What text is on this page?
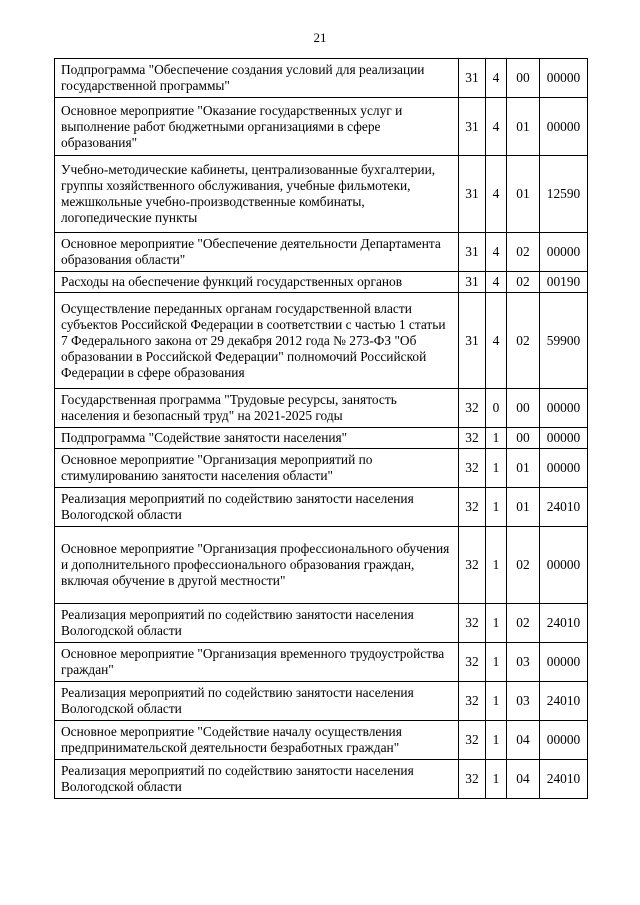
21
Подпрограмма "Обеспечение создания условий для реализации государственной программы"	31	4	00	00000
Основное мероприятие "Оказание государственных услуг и выполнение работ бюджетными организациями в сфере образования"	31	4	01	00000
Учебно-методические кабинеты, централизованные бухгалтерии, группы хозяйственного обслуживания, учебные фильмотеки, межшкольные учебно-производственные комбинаты, логопедические пункты	31	4	01	12590
Основное мероприятие "Обеспечение деятельности Департамента образования области"	31	4	02	00000
Расходы на обеспечение функций государственных органов	31	4	02	00190
Осуществление переданных органам государственной власти субъектов Российской Федерации в соответствии с частью 1 статьи 7 Федерального закона от 29 декабря 2012 года № 273-ФЗ "Об образовании в Российской Федерации" полномочий Российской Федерации в сфере образования	31	4	02	59900
Государственная программа "Трудовые ресурсы, занятость населения и безопасный труд" на 2021-2025 годы	32	0	00	00000
Подпрограмма "Содействие занятости населения"	32	1	00	00000
Основное мероприятие "Организация мероприятий по стимулированию занятости населения области"	32	1	01	00000
Реализация мероприятий по содействию занятости населения Вологодской области	32	1	01	24010
Основное мероприятие "Организация профессионального обучения и дополнительного профессионального образования граждан, включая обучение в другой местности"	32	1	02	00000
Реализация мероприятий по содействию занятости населения Вологодской области	32	1	02	24010
Основное мероприятие "Организация временного трудоустройства граждан"	32	1	03	00000
Реализация мероприятий по содействию занятости населения Вологодской области	32	1	03	24010
Основное мероприятие "Содействие началу осуществления предпринимательской деятельности безработных граждан"	32	1	04	00000
Реализация мероприятий по содействию занятости населения Вологодской области	32	1	04	24010
